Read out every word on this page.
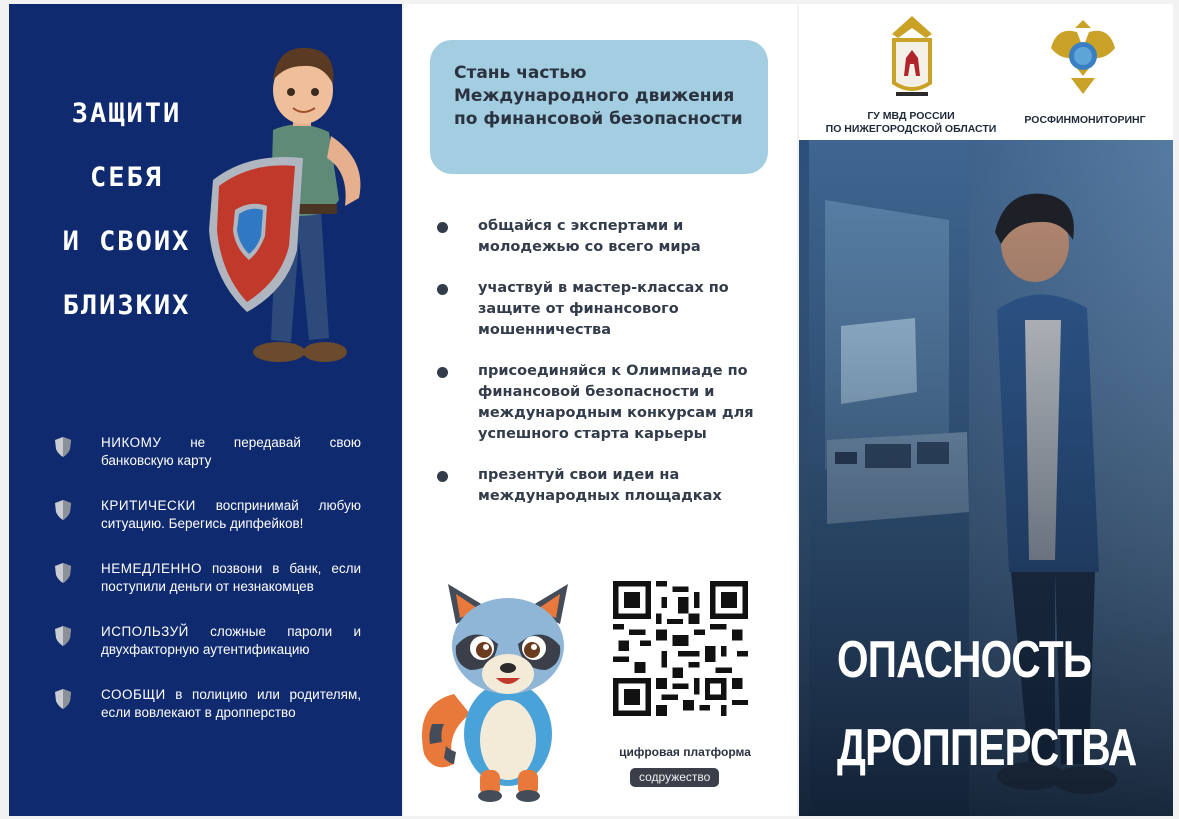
ЗАЩИТИ
СЕБЯ
И СВОИХ
БЛИЗКИХ
НИКОМУ не передавай свою банковскую карту
КРИТИЧЕСКИ воспринимай любую ситуацию. Берегись дипфейков!
НЕМЕДЛЕННО позвони в банк, если поступили деньги от незнакомцев
ИСПОЛЬЗУЙ сложные пароли и двухфакторную аутентификацию
СООБЩИ в полицию или родителям, если вовлекают в дропперство
Стань частью Международного движения по финансовой безопасности
общайся с экспертами и молодежью со всего мира
участвуй в мастер-классах по защите от финансового мошенничества
присоединяйся к Олимпиаде по финансовой безопасности и международным конкурсам для успешного старта карьеры
презентуй свои идеи на международных площадках
цифровая платформа
содружество
ГУ МВД РОССИИ
ПО НИЖЕГОРОДСКОЙ ОБЛАСТИ
РОСФИНМОНИТОРИНГ
ОПАСНОСТЬ
ДРОППЕРСТВА
